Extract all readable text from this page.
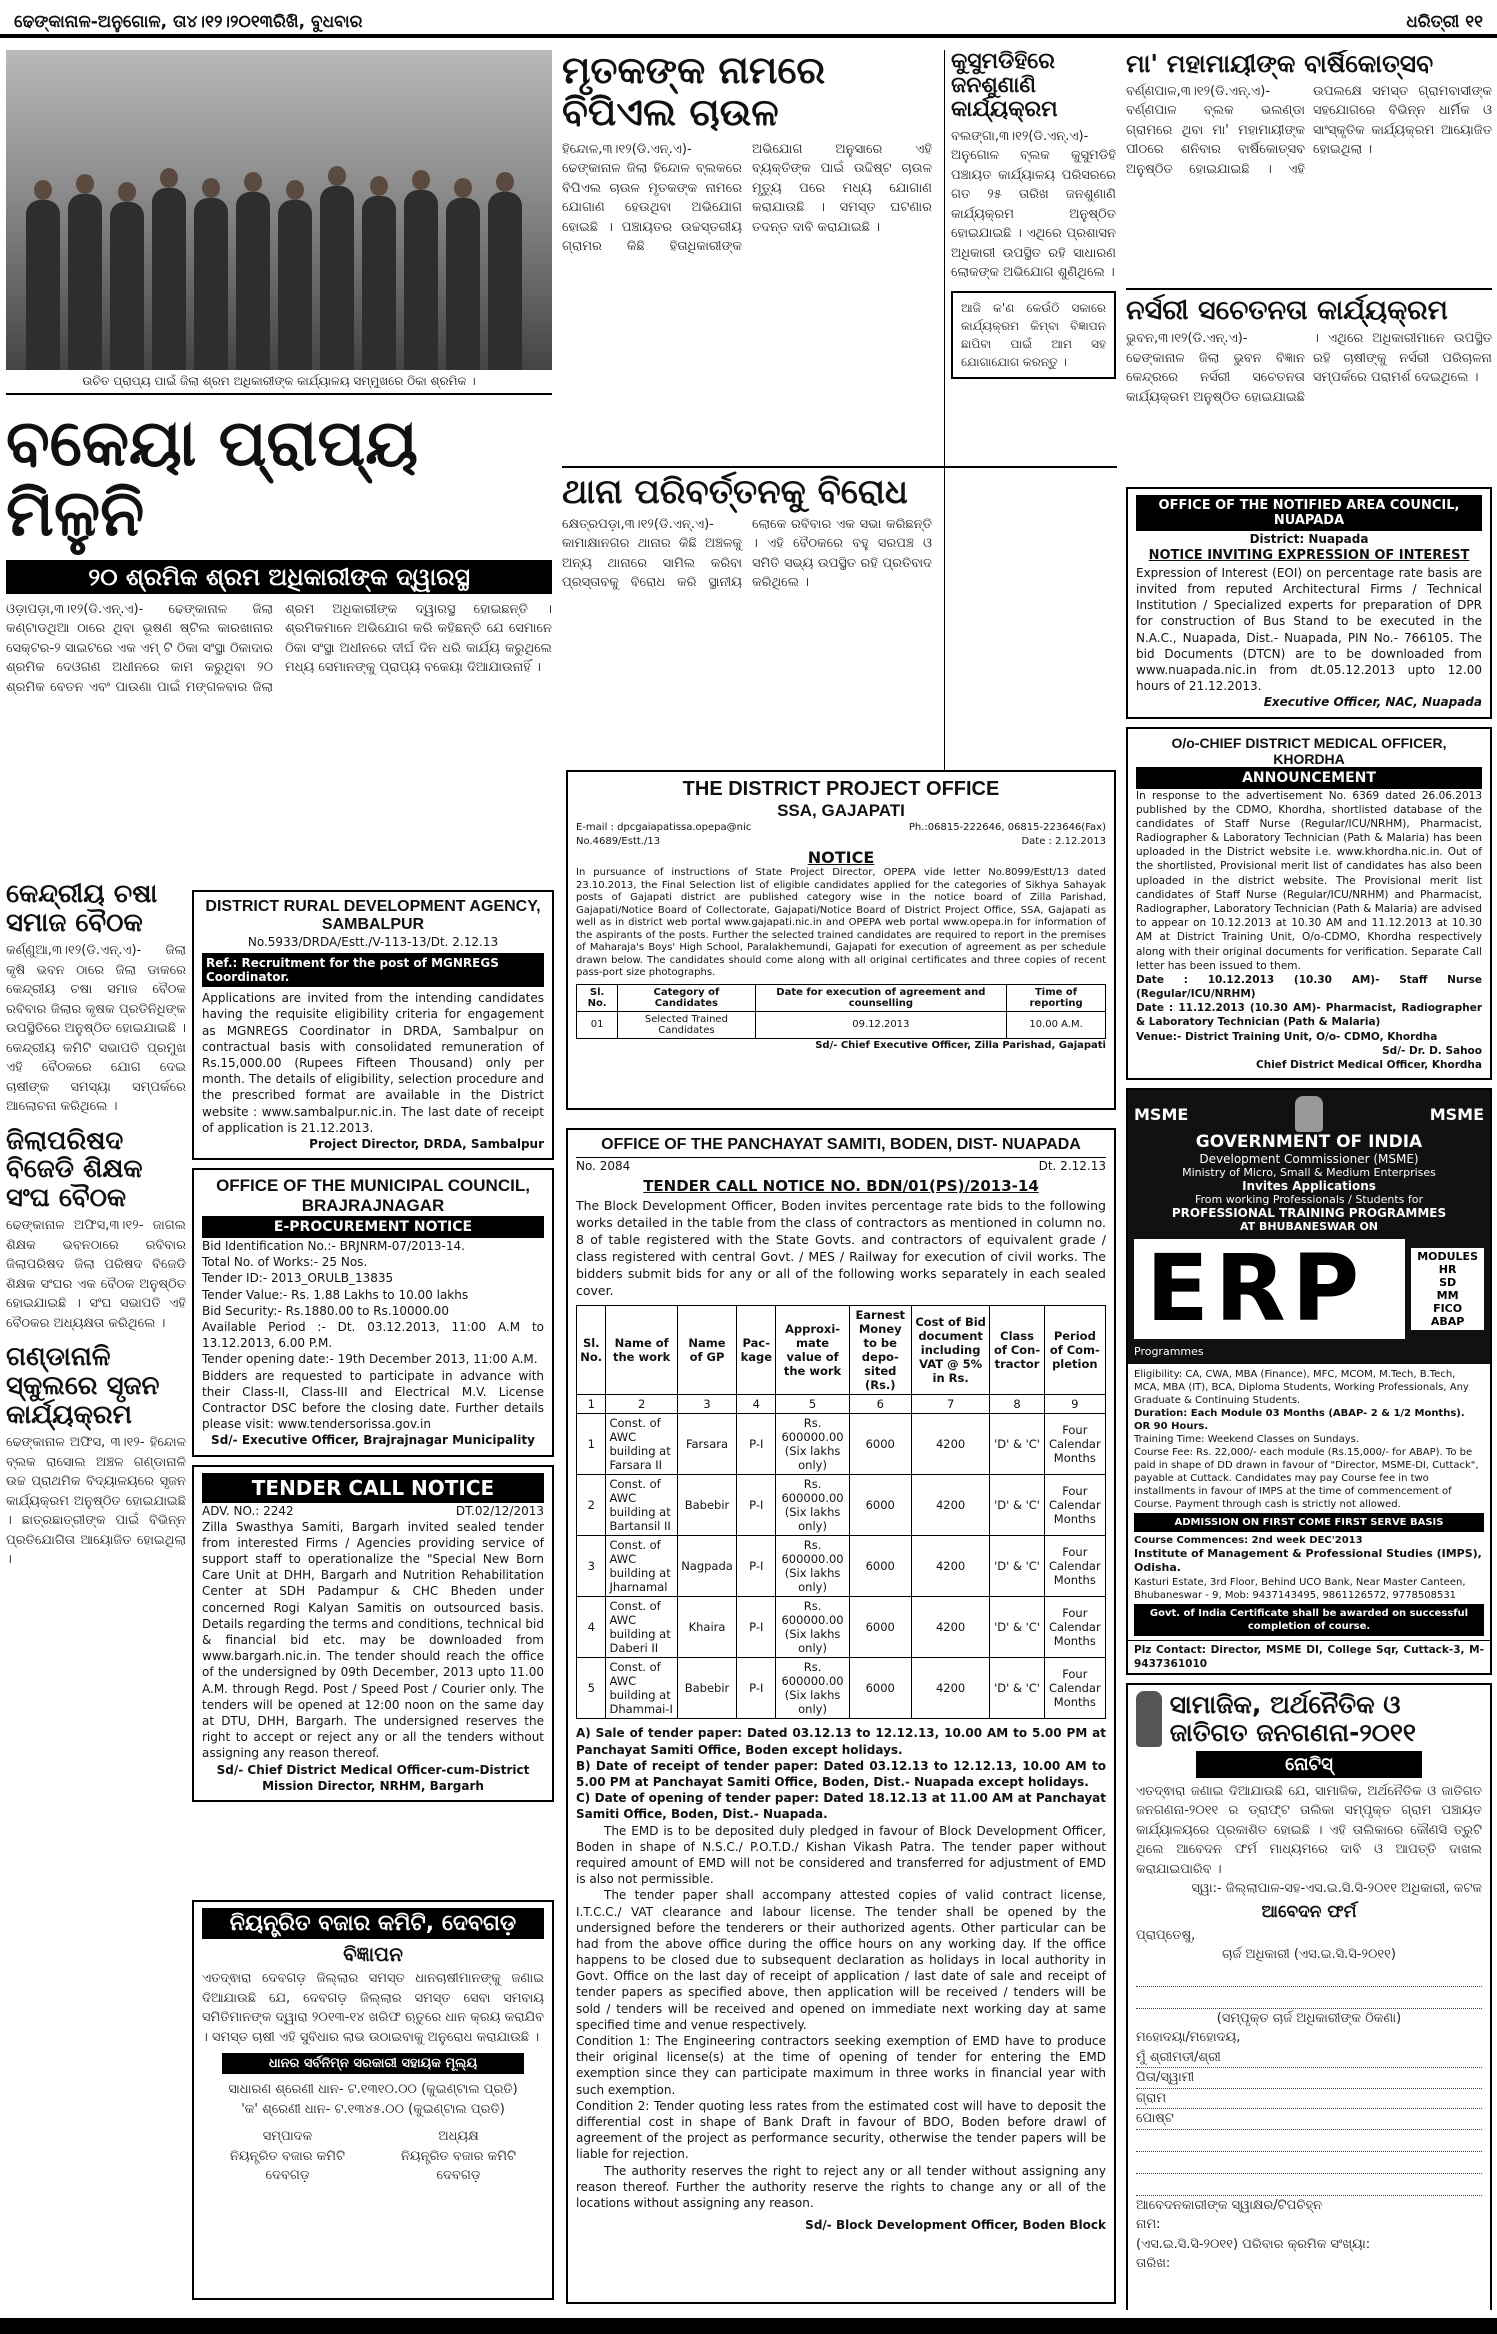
ଢେଙ୍କାନାଳ-ଅନୁଗୋଳ, ତା୪।୧୨।୨୦୧୩ରିଖି, ବୁଧବାର	ଧରିତ୍ରୀ ୧୧
ଉଚିତ ପ୍ରାପ୍ୟ ପାଇଁ ଜିଲା ଶ୍ରମ ଅଧିକାରୀଙ୍କ କାର୍ଯ୍ୟାଳୟ ସମ୍ମୁଖରେ ଠିକା ଶ୍ରମିକ ।
ବକେୟା ପ୍ରାପ୍ୟ ମିଳୁନି
୨୦ ଶ୍ରମିକ ଶ୍ରମ ଅଧିକାରୀଙ୍କ ଦ୍ୱାରସ୍ଥ
ଓଡ଼ାପଡ଼ା,୩।୧୨(ଡି.ଏନ୍.ଏ)- ଢେଙ୍କାନାଳ ଜିଲା କଣ୍ଟାଡଥିଆ ଠାରେ ଥିବା ଭୂଷଣ ଷ୍ଟିଲ କାରଖାନାର ସେକ୍ଟର-୨ ସାଇଟରେ ଏକ ଏମ୍ ଟି ଠିକା ସଂସ୍ଥା ଠିକାଦାର ଶ୍ରମିକ ଦେଓଗଣ ଅଧୀନରେ କାମ କରୁଥିବା ୨୦ ଶ୍ରମିକ ବେତନ ଏବଂ ପାଉଣା ପାଇଁ ମଙ୍ଗଳବାର ଜିଲା ଶ୍ରମ ଅଧିକାରୀଙ୍କ ଦ୍ୱାରସ୍ଥ ହୋଇଛନ୍ତି । ଶ୍ରମିକମାନେ ଅଭିଯୋଗ କରି କହିଛନ୍ତି ଯେ ସେମାନେ ଠିକା ସଂସ୍ଥା ଅଧୀନରେ ଦୀର୍ଘ ଦିନ ଧରି କାର୍ଯ୍ୟ କରୁଥିଲେ ମଧ୍ୟ ସେମାନଙ୍କୁ ପ୍ରାପ୍ୟ ବକେୟା ଦିଆଯାଉନାହିଁ ।
କେନ୍ଦ୍ରୀୟ ଚଷା ସମାଜ ବୈଠକ
କର୍ଣ୍ଣୁଆ,୩।୧୨(ଡି.ଏନ୍.ଏ)- ଜିଲା କୃଷି ଭବନ ଠାରେ ଜିଲା ଡାକରେ କେନ୍ଦ୍ରୀୟ ଚଷା ସମାଜ ବୈଠକ ରବିବାର ଜିଲାର କୃଷକ ପ୍ରତିନିଧିଙ୍କ ଉପସ୍ଥିତିରେ ଅନୁଷ୍ଠିତ ହୋଇଯାଇଛି । କେନ୍ଦ୍ରୀୟ କମିଟି ସଭାପତି ପ୍ରମୁଖ ଏହି ବୈଠକରେ ଯୋଗ ଦେଇ ଚାଷୀଙ୍କ ସମସ୍ୟା ସମ୍ପର୍କରେ ଆଲୋଚନା କରିଥିଲେ ।
ଜିଲାପରିଷଦ ବିଜେଡି ଶିକ୍ଷକ ସଂଘ ବୈଠକ
ଢେଙ୍କାନାଳ ଅଫିସ,୩।୧୨- ଜାଗଲ ଶିକ୍ଷକ ଭବନଠାରେ ରବିବାର ଜିଲାପରିଷଦ ଜିଲା ପରିଷଦ ବିଜେଡି ଶିକ୍ଷକ ସଂଘର ଏକ ବୈଠକ ଅନୁଷ୍ଠିତ ହୋଇଯାଇଛି । ସଂଘ ସଭାପତି ଏହି ବୈଠକର ଅଧ୍ୟକ୍ଷତା କରିଥିଲେ ।
ଗଣ୍ଡାନାଳି ସ୍କୁଲରେ ସୃଜନ କାର୍ଯ୍ୟକ୍ରମ
ଢେଙ୍କାନାଳ ଅଫିସ, ୩।୧୨- ହିନ୍ଦୋଳ ବ୍ଲକ ରାସୋଲ ଅଞ୍ଚଳ ଗଣ୍ଡାନାଳି ଉଚ୍ଚ ପ୍ରାଥମିକ ବିଦ୍ୟାଳୟରେ ସୃଜନ କାର୍ଯ୍ୟକ୍ରମ ଅନୁଷ୍ଠିତ ହୋଇଯାଇଛି । ଛାତ୍ରଛାତ୍ରୀଙ୍କ ପାଇଁ ବିଭିନ୍ନ ପ୍ରତିଯୋଗିତା ଆୟୋଜିତ ହୋଇଥିଲା ।
DISTRICT RURAL DEVELOPMENT AGENCY, SAMBALPUR
No.5933/DRDA/Estt./V-113-13/Dt. 2.12.13
Ref.: Recruitment for the post of MGNREGS Coordinator.
Applications are invited from the intending candidates having the requisite eligibility criteria for engagement as MGNREGS Coordinator in DRDA, Sambalpur on contractual basis with consolidated remuneration of Rs.15,000.00 (Rupees Fifteen Thousand) only per month. The details of eligibility, selection procedure and the prescribed format are available in the District website : www.sambalpur.nic.in. The last date of receipt of application is 21.12.2013.
Project Director, DRDA, Sambalpur
OFFICE OF THE MUNICIPAL COUNCIL, BRAJRAJNAGAR
E-PROCUREMENT NOTICE
Bid Identification No.:- BRJNRM-07/2013-14.
Total No. of Works:- 25 Nos.
Tender ID:- 2013_ORULB_13835
Tender Value:- Rs. 1.88 Lakhs to 10.00 lakhs
Bid Security:- Rs.1880.00 to Rs.10000.00
Available Period :- Dt. 03.12.2013, 11:00 A.M to 13.12.2013, 6.00 P.M.
Tender opening date:- 19th December 2013, 11:00 A.M.
Bidders are requested to participate in advance with their Class-II, Class-III and Electrical M.V. License Contractor DSC before the closing date. Further details please visit: www.tendersorissa.gov.in
Sd/- Executive Officer, Brajrajnagar Municipality
TENDER CALL NOTICE
ADV. NO.: 2242	DT.02/12/2013
Zilla Swasthya Samiti, Bargarh invited sealed tender from interested Firms / Agencies providing service of support staff to operationalize the "Special New Born Care Unit at DHH, Bargarh and Nutrition Rehabilitation Center at SDH Padampur & CHC Bheden under concerned Rogi Kalyan Samitis on outsourced basis. Details regarding the terms and conditions, technical bid & financial bid etc. may be downloaded from www.bargarh.nic.in. The tender should reach the office of the undersigned by 09th December, 2013 upto 11.00 A.M. through Regd. Post / Speed Post / Courier only. The tenders will be opened at 12:00 noon on the same day at DTU, DHH, Bargarh. The undersigned reserves the right to accept or reject any or all the tenders without assigning any reason thereof.
Sd/- Chief District Medical Officer-cum-District Mission Director, NRHM, Bargarh
ନିୟନ୍ତ୍ରିତ ବଜାର କମିଟି, ଦେବଗଡ଼
ବିଜ୍ଞାପନ
ଏତଦ୍ଵାରା ଦେବଗଡ଼ ଜିଲ୍ଲାର ସମସ୍ତ ଧାନଚାଷୀମାନଙ୍କୁ ଜଣାଇ ଦିଆଯାଉଛି ଯେ, ଦେବଗଡ଼ ଜିଲ୍ଲାର ସମସ୍ତ ସେବା ସମବାୟ ସମିତିମାନଙ୍କ ଦ୍ୱାରା ୨୦୧୩-୧୪ ଖରିଫ ଋତୁରେ ଧାନ କ୍ରୟ କରାଯିବ । ସମସ୍ତ ଚାଷୀ ଏହି ସୁବିଧାର ଲାଭ ଉଠାଇବାକୁ ଅନୁରୋଧ କରାଯାଉଛି ।
ଧାନର ସର୍ବନିମ୍ନ ସରକାରୀ ସହାୟକ ମୂଲ୍ୟ
ସାଧାରଣ ଶ୍ରେଣୀ ଧାନ- ଟ.୧୩୧୦.୦୦ (କୁଇଣ୍ଟାଲ ପ୍ରତି)
'କ' ଶ୍ରେଣୀ ଧାନ- ଟ.୧୩୪୫.୦୦ (କୁଇଣ୍ଟାଲ ପ୍ରତି)
ସମ୍ପାଦକ
ନିୟନ୍ତ୍ରିତ ବଜାର କମିଟି
ଦେବଗଡ଼
ଅଧ୍ୟକ୍ଷ
ନିୟନ୍ତ୍ରିତ ବଜାର କମିଟି
ଦେବଗଡ଼
ମୃତକଙ୍କ ନାମରେ ବିପିଏଲ ଚାଉଳ
ହିନ୍ଦୋଳ,୩।୧୨(ଡି.ଏନ୍.ଏ)- ଢେଙ୍କାନାଳ ଜିଲା ହିନ୍ଦୋଳ ବ୍ଲକରେ ବିପିଏଲ ଚାଉଳ ମୃତକଙ୍କ ନାମରେ ଯୋଗାଣ ହେଉଥିବା ଅଭିଯୋଗ ହୋଇଛି । ପଞ୍ଚାୟତର ଉଚ୍ଚସ୍ତରୀୟ ଗ୍ରାମର କିଛି ହିତାଧିକାରୀଙ୍କ ଅଭିଯୋଗ ଅନୁସାରେ ଏହି ବ୍ୟକ୍ତିଙ୍କ ପାଇଁ ଉଦ୍ଦିଷ୍ଟ ଚାଉଳ ମୃତ୍ୟୁ ପରେ ମଧ୍ୟ ଯୋଗାଣ କରାଯାଉଛି । ସମସ୍ତ ଘଟଣାର ତଦନ୍ତ ଦାବି କରାଯାଇଛି ।
ଥାନା ପରିବର୍ତ୍ତନକୁ ବିରୋଧ
କ୍ଷେତ୍ରପଡ଼ା,୩।୧୨(ଡି.ଏନ୍.ଏ)- କାମାକ୍ଷାନଗର ଥାନାର କିଛି ଅଞ୍ଚଳକୁ ଅନ୍ୟ ଥାନାରେ ସାମିଲ କରିବା ପ୍ରସ୍ତାବକୁ ବିରୋଧ କରି ସ୍ଥାନୀୟ ଲୋକେ ରବିବାର ଏକ ସଭା କରିଛନ୍ତି । ଏହି ବୈଠକରେ ବହୁ ସରପଞ୍ଚ ଓ ସମିତି ସଭ୍ୟ ଉପସ୍ଥିତ ରହି ପ୍ରତିବାଦ କରିଥିଲେ ।
କୁସୁମଡିହିରେ ଜନଶୁଣାଣି କାର୍ଯ୍ୟକ୍ରମ
ବଲଙ୍ଗା,୩।୧୨(ଡି.ଏନ୍.ଏ)- ଅନୁଗୋଳ ବ୍ଲକ କୁସୁମଡିହି ପଞ୍ଚାୟତ କାର୍ଯ୍ୟାଳୟ ପରିସରରେ ଗତ ୨୫ ତାରିଖ ଜନଶୁଣାଣି କାର୍ଯ୍ୟକ୍ରମ ଅନୁଷ୍ଠିତ ହୋଇଯାଇଛି । ଏଥିରେ ପ୍ରଶାସନ ଅଧିକାରୀ ଉପସ୍ଥିତ ରହି ସାଧାରଣ ଲୋକଙ୍କ ଅଭିଯୋଗ ଶୁଣିଥିଲେ ।
ଆଜି କ'ଣ କେଉଁଠି ସକାରେ କାର୍ଯ୍ୟକ୍ରମ କିମ୍ବା ବିଜ୍ଞାପନ ଛାପିବା ପାଇଁ ଆମ ସହ ଯୋଗାଯୋଗ କରନ୍ତୁ ।
THE DISTRICT PROJECT OFFICE
SSA, GAJAPATI
E-mail : dpcgaiapatissa.opepa@nic	Ph.:06815-222646, 06815-223646(Fax)
No.4689/Estt./13	Date : 2.12.2013
NOTICE
In pursuance of instructions of State Project Director, OPEPA vide letter No.8099/Estt/13 dated 23.10.2013, the Final Selection list of eligible candidates applied for the categories of Sikhya Sahayak posts of Gajapati district are published category wise in the notice board of Zilla Parishad, Gajapati/Notice Board of Collectorate, Gajapati/Notice Board of District Project Office, SSA, Gajapati as well as in district web portal www.gajapati.nic.in and OPEPA web portal www.opepa.in for information of the aspirants of the posts. Further the selected trained candidates are required to report in the premises of Maharaja's Boys' High School, Paralakhemundi, Gajapati for execution of agreement as per schedule drawn below. The candidates should come along with all original certificates and three copies of recent pass-port size photographs.
Sl. No.	Category of Candidates	Date for execution of agreement and counselling	Time of reporting
01	Selected Trained Candidates	09.12.2013	10.00 A.M.
Sd/- Chief Executive Officer, Zilla Parishad, Gajapati
OFFICE OF THE PANCHAYAT SAMITI, BODEN, DIST- NUAPADA
No. 2084	Dt. 2.12.13
TENDER CALL NOTICE NO. BDN/01(PS)/2013-14
The Block Development Officer, Boden invites percentage rate bids to the following works detailed in the table from the class of contractors as mentioned in column no. 8 of table registered with the State Govts. and contractors of equivalent grade / class registered with central Govt. / MES / Railway for execution of civil works. The bidders submit bids for any or all of the following works separately in each sealed cover.
Sl. No.	Name of the work	Name of GP	Pac-kage	Approxi-mate value of the work	Earnest Money to be depo-sited (Rs.)	Cost of Bid document including VAT @ 5% in Rs.	Class of Con-tractor	Period of Com-pletion
1	2	3	4	5	6	7	8	9
1	Const. of AWC building at Farsara II	Farsara	P-I	Rs. 600000.00 (Six lakhs only)	6000	4200	'D' & 'C'	Four Calendar Months
2	Const. of AWC building at Bartansil II	Babebir	P-I	Rs. 600000.00 (Six lakhs only)	6000	4200	'D' & 'C'	Four Calendar Months
3	Const. of AWC building at Jharnamal	Nagpada	P-I	Rs. 600000.00 (Six lakhs only)	6000	4200	'D' & 'C'	Four Calendar Months
4	Const. of AWC building at Daberi II	Khaira	P-I	Rs. 600000.00 (Six lakhs only)	6000	4200	'D' & 'C'	Four Calendar Months
5	Const. of AWC building at Dhammai-I	Babebir	P-I	Rs. 600000.00 (Six lakhs only)	6000	4200	'D' & 'C'	Four Calendar Months
A) Sale of tender paper: Dated 03.12.13 to 12.12.13, 10.00 AM to 5.00 PM at Panchayat Samiti Office, Boden except holidays.
B) Date of receipt of tender paper: Dated 03.12.13 to 12.12.13, 10.00 AM to 5.00 PM at Panchayat Samiti Office, Boden, Dist.- Nuapada except holidays.
C) Date of opening of tender paper: Dated 18.12.13 at 11.00 AM at Panchayat Samiti Office, Boden, Dist.- Nuapada.
The EMD is to be deposited duly pledged in favour of Block Development Officer, Boden in shape of N.S.C./ P.O.T.D./ Kishan Vikash Patra. The tender paper without required amount of EMD will not be considered and transferred for adjustment of EMD is also not permissible.
The tender paper shall accompany attested copies of valid contract license, I.T.C.C./ VAT clearance and labour license. The tender shall be opened by the undersigned before the tenderers or their authorized agents. Other particular can be had from the above office during the office hours on any working day. If the office happens to be closed due to subsequent declaration as holidays in local authority in Govt. Office on the last day of receipt of application / last date of sale and receipt of tender papers as specified above, then application will be received / tenders will be sold / tenders will be received and opened on immediate next working day at same specified time and venue respectively.
Condition 1: The Engineering contractors seeking exemption of EMD have to produce their original license(s) at the time of opening of tender for entering the EMD exemption since they can participate maximum in three works in financial year with such exemption.
Condition 2: Tender quoting less rates from the estimated cost will have to deposit the differential cost in shape of Bank Draft in favour of BDO, Boden before drawl of agreement of the project as performance security, otherwise the tender papers will be liable for rejection.
The authority reserves the right to reject any or all tender without assigning any reason thereof. Further the authority reserve the rights to change any or all of the locations without assigning any reason.
Sd/- Block Development Officer, Boden Block
ମା' ମହାମାୟୀଙ୍କ ବାର୍ଷିକୋତ୍ସବ
ବର୍ଣ୍ଣପାଳ,୩।୧୨(ଡି.ଏନ୍.ଏ)- ବର୍ଣ୍ଣପାଳ ବ୍ଲକ ଭଲଣ୍ଡା ଗ୍ରାମରେ ଥିବା ମା' ମହାମାୟୀଙ୍କ ପୀଠରେ ଶନିବାର ବାର୍ଷିକୋତ୍ସବ ଅନୁଷ୍ଠିତ ହୋଇଯାଇଛି । ଏହି ଉପଲକ୍ଷେ ସମସ୍ତ ଗ୍ରାମବାସୀଙ୍କ ସହଯୋଗରେ ବିଭିନ୍ନ ଧାର୍ମିକ ଓ ସାଂସ୍କୃତିକ କାର୍ଯ୍ୟକ୍ରମ ଆୟୋଜିତ ହୋଇଥିଲା ।
ନର୍ସରୀ ସଚେତନତା କାର୍ଯ୍ୟକ୍ରମ
ଭୁବନ,୩।୧୨(ଡି.ଏନ୍.ଏ)- ଢେଙ୍କାନାଳ ଜିଲା ଭୁବନ ବିଜ୍ଞାନ କେନ୍ଦ୍ରରେ ନର୍ସରୀ ସଚେତନତା କାର୍ଯ୍ୟକ୍ରମ ଅନୁଷ୍ଠିତ ହୋଇଯାଇଛି । ଏଥିରେ ଅଧିକାରୀମାନେ ଉପସ୍ଥିତ ରହି ଚାଷୀଙ୍କୁ ନର୍ସରୀ ପରିଚାଳନା ସମ୍ପର୍କରେ ପରାମର୍ଶ ଦେଇଥିଲେ ।
OFFICE OF THE NOTIFIED AREA COUNCIL, NUAPADA
District: Nuapada
NOTICE INVITING EXPRESSION OF INTEREST
Expression of Interest (EOI) on percentage rate basis are invited from reputed Architectural Firms / Technical Institution / Specialized experts for preparation of DPR for construction of Bus Stand to be executed in the N.A.C., Nuapada, Dist.- Nuapada, PIN No.- 766105. The bid Documents (DTCN) are to be downloaded from www.nuapada.nic.in from dt.05.12.2013 upto 12.00 hours of 21.12.2013.
Executive Officer, NAC, Nuapada
O/o-CHIEF DISTRICT MEDICAL OFFICER, KHORDHA
ANNOUNCEMENT
In response to the advertisement No. 6369 dated 26.06.2013 published by the CDMO, Khordha, shortlisted database of the candidates of Staff Nurse (Regular/ICU/NRHM), Pharmacist, Radiographer & Laboratory Technician (Path & Malaria) has been uploaded in the District website i.e. www.khordha.nic.in. Out of the shortlisted, Provisional merit list of candidates has also been uploaded in the district website. The Provisional merit list candidates of Staff Nurse (Regular/ICU/NRHM) and Pharmacist, Radiographer, Laboratory Technician (Path & Malaria) are advised to appear on 10.12.2013 at 10.30 AM and 11.12.2013 at 10.30 AM at District Training Unit, O/o-CDMO, Khordha respectively along with their original documents for verification. Separate Call letter has been issued to them.
Date : 10.12.2013 (10.30 AM)- Staff Nurse (Regular/ICU/NRHM)
Date : 11.12.2013 (10.30 AM)- Pharmacist, Radiographer & Laboratory Technician (Path & Malaria)
Venue:- District Training Unit, O/o- CDMO, Khordha
Sd/- Dr. D. Sahoo
Chief District Medical Officer, Khordha
MSME	MSME
GOVERNMENT OF INDIA
Development Commissioner (MSME)
Ministry of Micro, Small & Medium Enterprises
Invites Applications
From working Professionals / Students for
PROFESSIONAL TRAINING PROGRAMMES
AT BHUBANESWAR ON
ERP	MODULES
HR
SD
MM
FICO
ABAP
Programmes
Eligibility: CA, CWA, MBA (Finance), MFC, MCOM, M.Tech, B.Tech, MCA, MBA (IT), BCA, Diploma Students, Working Professionals, Any Graduate & Continuing Students.
Duration: Each Module 03 Months (ABAP- 2 & 1/2 Months). OR 90 Hours.
Training Time: Weekend Classes on Sundays.
Course Fee: Rs. 22,000/- each module (Rs.15,000/- for ABAP). To be paid in shape of DD drawn in favour of "Director, MSME-DI, Cuttack", payable at Cuttack. Candidates may pay Course fee in two installments in favour of IMPS at the time of commencement of Course. Payment through cash is strictly not allowed.
ADMISSION ON FIRST COME FIRST SERVE BASIS
Course Commences: 2nd week DEC'2013
Institute of Management & Professional Studies (IMPS), Odisha.
Kasturi Estate, 3rd Floor, Behind UCO Bank, Near Master Canteen, Bhubaneswar - 9, Mob: 9437143495, 9861126572, 9778508531
Govt. of India Certificate shall be awarded on successful completion of course.
Plz Contact: Director, MSME DI, College Sqr, Cuttack-3, M-9437361010
ସାମାଜିକ, ଅର୍ଥନୈତିକ ଓ ଜାତିଗତ ଜନଗଣନା-୨୦୧୧
ନୋଟିସ୍
ଏତଦ୍ଵାରା ଜଣାଇ ଦିଆଯାଉଛି ଯେ, ସାମାଜିକ, ଅର୍ଥନୈତିକ ଓ ଜାତିଗତ ଜନଗଣନା-୨୦୧୧ ର ଡ୍ରାଫ୍ଟ ତାଲିକା ସମ୍ପୃକ୍ତ ଗ୍ରାମ ପଞ୍ଚାୟତ କାର୍ଯ୍ୟାଳୟରେ ପ୍ରକାଶିତ ହୋଇଛି । ଏହି ତାଲିକାରେ କୌଣସି ତ୍ରୁଟି ଥିଲେ ଆବେଦନ ଫର୍ମ ମାଧ୍ୟମରେ ଦାବି ଓ ଆପତ୍ତି ଦାଖଲ କରାଯାଇପାରିବ ।
ସ୍ୱା:- ଜିଲ୍ଲାପାଳ-ସହ-ଏସ.ଇ.ସି.ସି-୨୦୧୧ ଅଧିକାରୀ, କଟକ
ଆବେଦନ ଫର୍ମ
ପ୍ରାପ୍ତେଷୁ,
ଚାର୍ଜ ଅଧିକାରୀ (ଏସ.ଇ.ସି.ସି-୨୦୧୧)
(ସମ୍ପୃକ୍ତ ଚାର୍ଜ ଅଧିକାରୀଙ୍କ ଠିକଣା)
ମହୋଦୟା/ମହୋଦୟ,
ମୁଁ ଶ୍ରୀମତୀ/ଶ୍ରୀ
ପିତା/ସ୍ୱାମୀ
ଗ୍ରାମ
ପୋଷ୍ଟ
ଆବେଦନକାରୀଙ୍କ ସ୍ୱାକ୍ଷର/ଟିପଚିହ୍ନ
ନାମ:
(ଏସ.ଇ.ସି.ସି-୨୦୧୧) ପରିବାର କ୍ରମିକ ସଂଖ୍ୟା:
ତାରିଖ:
